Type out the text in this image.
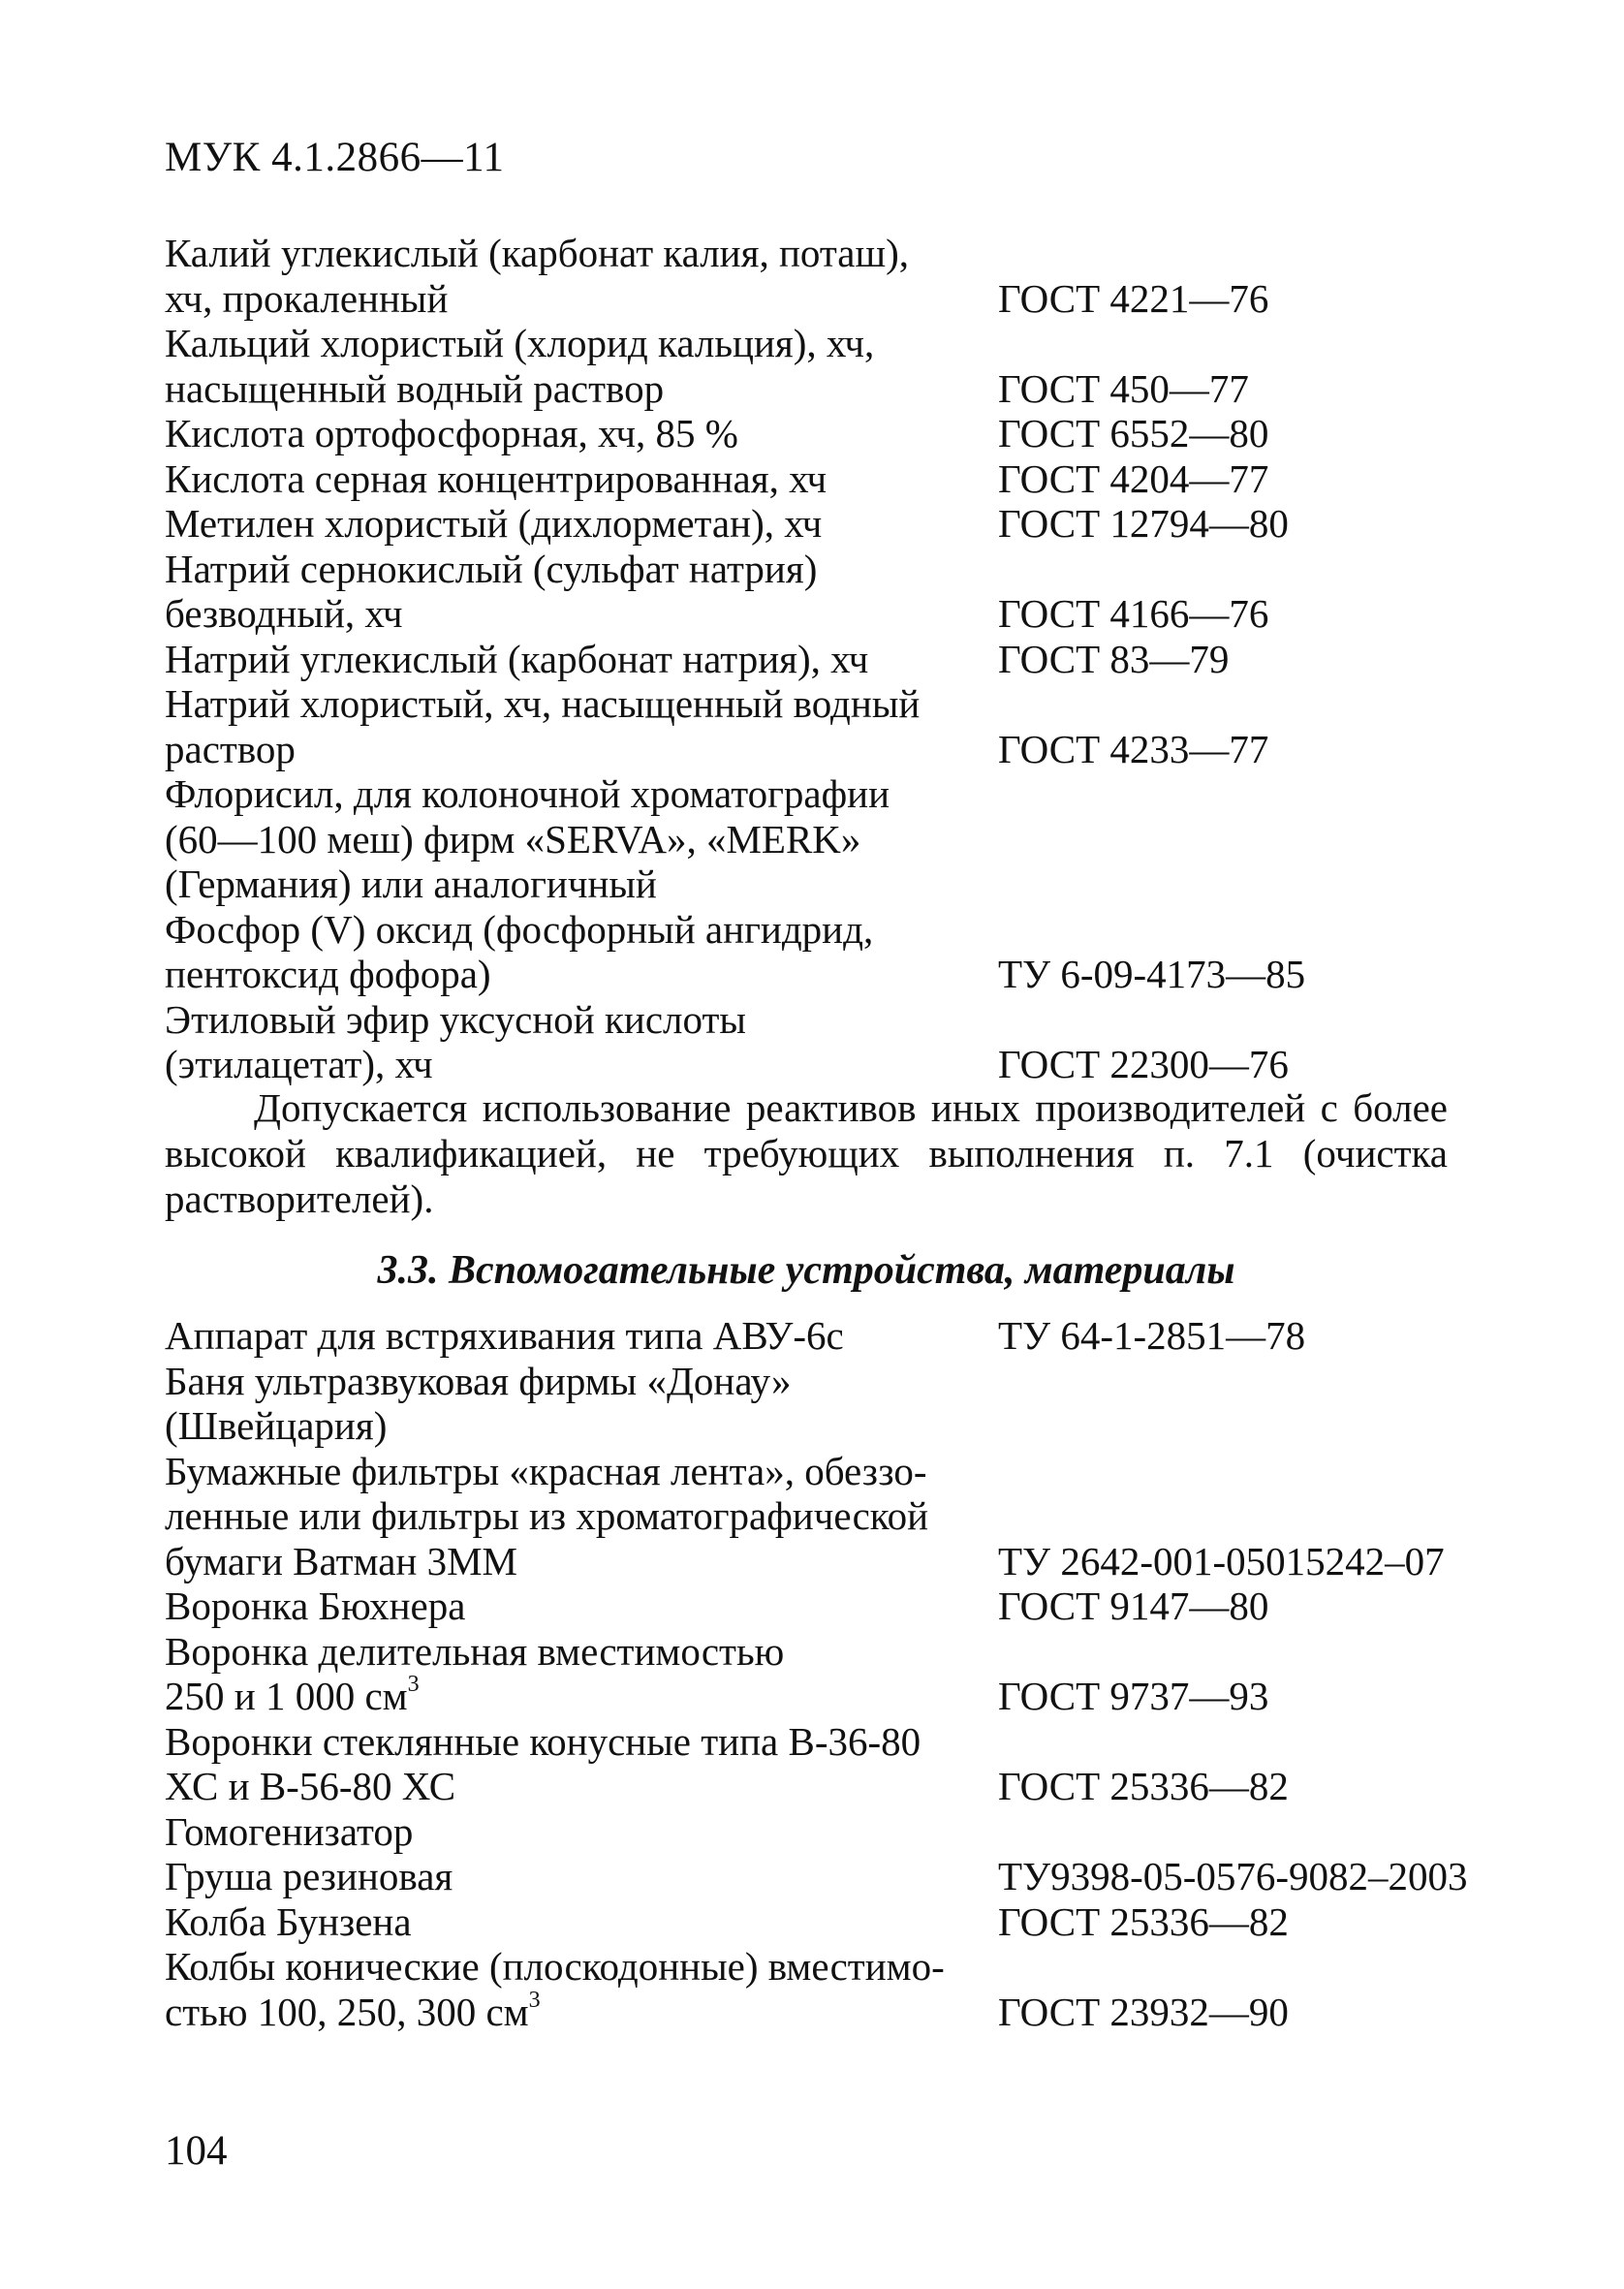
МУК 4.1.2866—11
Калий углекислый (карбонат калия, поташ),
хч, прокаленный	ГОСТ 4221—76
Кальций хлористый (хлорид кальция), хч,
насыщенный водный раствор	ГОСТ 450—77
Кислота ортофосфорная, хч, 85 %	ГОСТ 6552—80
Кислота серная концентрированная, хч	ГОСТ 4204—77
Метилен хлористый (дихлорметан), хч	ГОСТ 12794—80
Натрий сернокислый (сульфат натрия)
безводный, хч	ГОСТ 4166—76
Натрий углекислый (карбонат натрия), хч	ГОСТ 83—79
Натрий хлористый, хч, насыщенный водный
раствор	ГОСТ 4233—77
Флорисил, для колоночной хроматографии
(60—100 меш) фирм «SERVA», «MERK»
(Германия) или аналогичный
Фосфор (V) оксид (фосфорный ангидрид,
пентоксид фофора)	ТУ 6-09-4173—85
Этиловый эфир уксусной кислоты
(этилацетат), хч	ГОСТ 22300—76
Допускается использование реактивов иных производителей с более высокой квалификацией, не требующих выполнения п. 7.1 (очистка растворителей).
3.3. Вспомогательные устройства, материалы
Аппарат для встряхивания типа АВУ-6с	ТУ 64-1-2851—78
Баня ультразвуковая фирмы «Донау»
(Швейцария)
Бумажные фильтры «красная лента», обеззо-
ленные или фильтры из хроматографической
бумаги Ватман 3ММ	ТУ 2642-001-05015242–07
Воронка Бюхнера	ГОСТ 9147—80
Воронка делительная вместимостью
250 и 1 000 $см^3$	ГОСТ 9737—93
Воронки стеклянные конусные типа В-36-80
ХС и В-56-80 ХС	ГОСТ 25336—82
Гомогенизатор
Груша резиновая	ТУ9398-05-0576-9082–2003
Колба Бунзена	ГОСТ 25336—82
Колбы конические (плоскодонные) вместимо-
стью 100, 250, 300 $см^3$	ГОСТ 23932—90
104
